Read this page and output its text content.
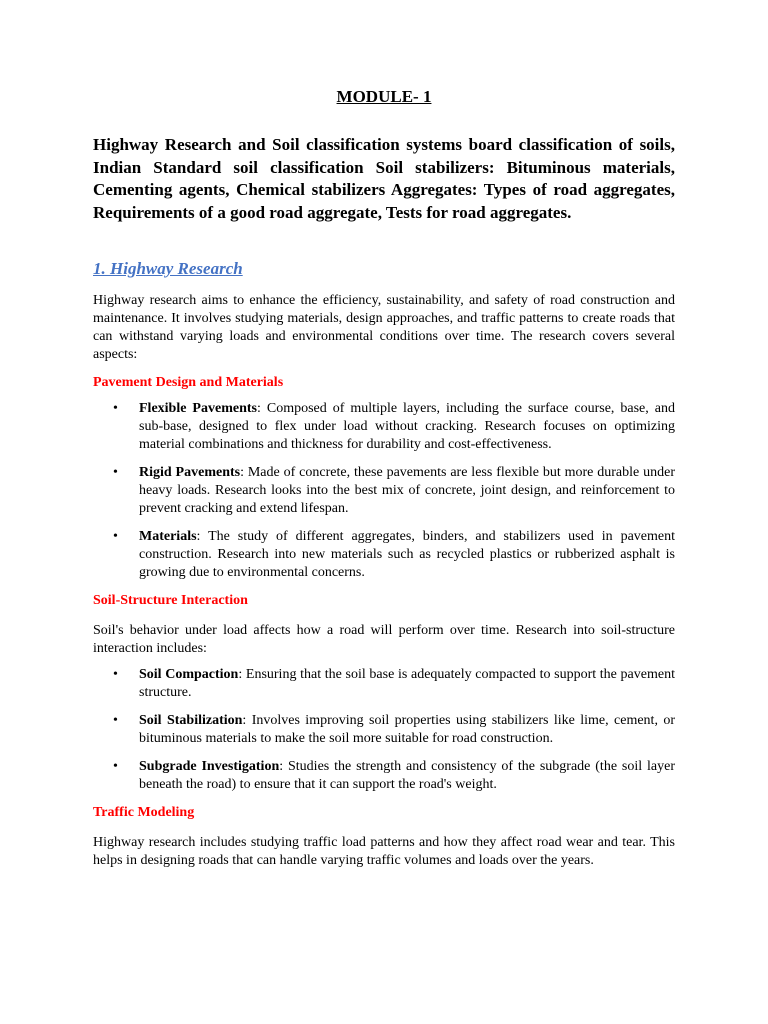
MODULE- 1

Highway Research and Soil classification systems board classification of soils, Indian Standard soil classification Soil stabilizers: Bituminous materials, Cementing agents, Chemical stabilizers Aggregates: Types of road aggregates, Requirements of a good road aggregate, Tests for road aggregates.

1. Highway Research

Highway research aims to enhance the efficiency, sustainability, and safety of road construction and maintenance. It involves studying materials, design approaches, and traffic patterns to create roads that can withstand varying loads and environmental conditions over time. The research covers several aspects:

Pavement Design and Materials
• Flexible Pavements: Composed of multiple layers, including the surface course, base, and sub-base, designed to flex under load without cracking. Research focuses on optimizing material combinations and thickness for durability and cost-effectiveness.
• Rigid Pavements: Made of concrete, these pavements are less flexible but more durable under heavy loads. Research looks into the best mix of concrete, joint design, and reinforcement to prevent cracking and extend lifespan.
• Materials: The study of different aggregates, binders, and stabilizers used in pavement construction. Research into new materials such as recycled plastics or rubberized asphalt is growing due to environmental concerns.
Soil-Structure Interaction

Soil's behavior under load affects how a road will perform over time. Research into soil-structure interaction includes:

• Soil Compaction: Ensuring that the soil base is adequately compacted to support the pavement structure.
• Soil Stabilization: Involves improving soil properties using stabilizers like lime, cement, or bituminous materials to make the soil more suitable for road construction.
• Subgrade Investigation: Studies the strength and consistency of the subgrade (the soil layer beneath the road) to ensure that it can support the road's weight.
Traffic Modeling

Highway research includes studying traffic load patterns and how they affect road wear and tear. This helps in designing roads that can handle varying traffic volumes and loads over the years.
